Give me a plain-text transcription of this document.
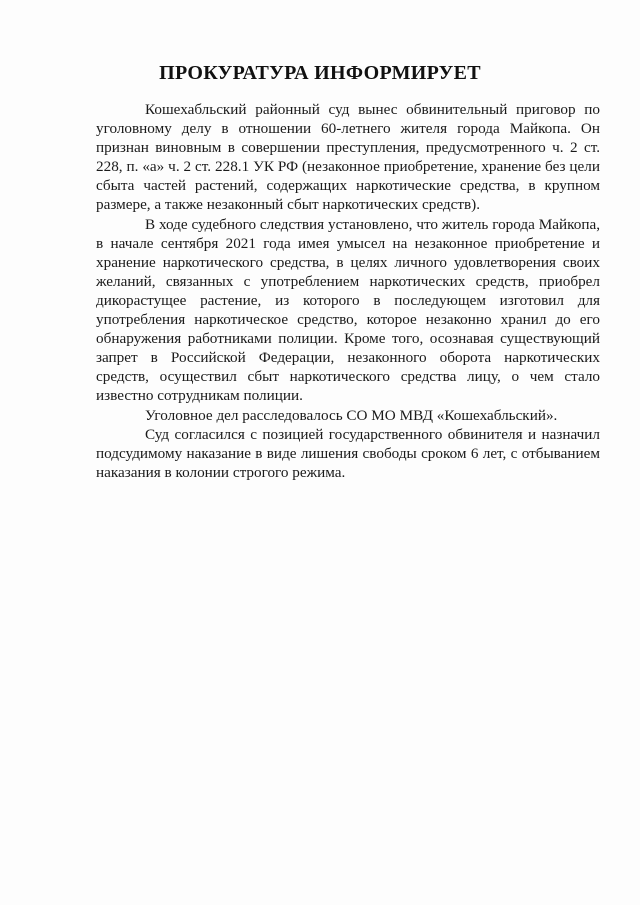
ПРОКУРАТУРА ИНФОРМИРУЕТ

Кошехабльский районный суд вынес обвинительный приговор по уголовному делу в отношении 60-летнего жителя города Майкопа. Он признан виновным в совершении преступления, предусмотренного ч. 2 ст. 228, п. «а» ч. 2 ст. 228.1 УК РФ (незаконное приобретение, хранение без цели сбыта частей растений, содержащих наркотические средства, в крупном размере, а также незаконный сбыт наркотических средств).

В ходе судебного следствия установлено, что житель города Майкопа, в начале сентября 2021 года имея умысел на незаконное приобретение и хранение наркотического средства, в целях личного удовлетворения своих желаний, связанных с употреблением наркотических средств, приобрел дикорастущее растение, из которого в последующем изготовил для употребления наркотическое средство, которое незаконно хранил до его обнаружения работниками полиции. Кроме того, осознавая существующий запрет в Российской Федерации, незаконного оборота наркотических средств, осуществил сбыт наркотического средства лицу, о чем стало известно сотрудникам полиции.

Уголовное дел расследовалось СО МО МВД «Кошехабльский».

Суд согласился с позицией государственного обвинителя и назначил подсудимому наказание в виде лишения свободы сроком 6 лет, с отбыванием наказания в колонии строгого режима.
